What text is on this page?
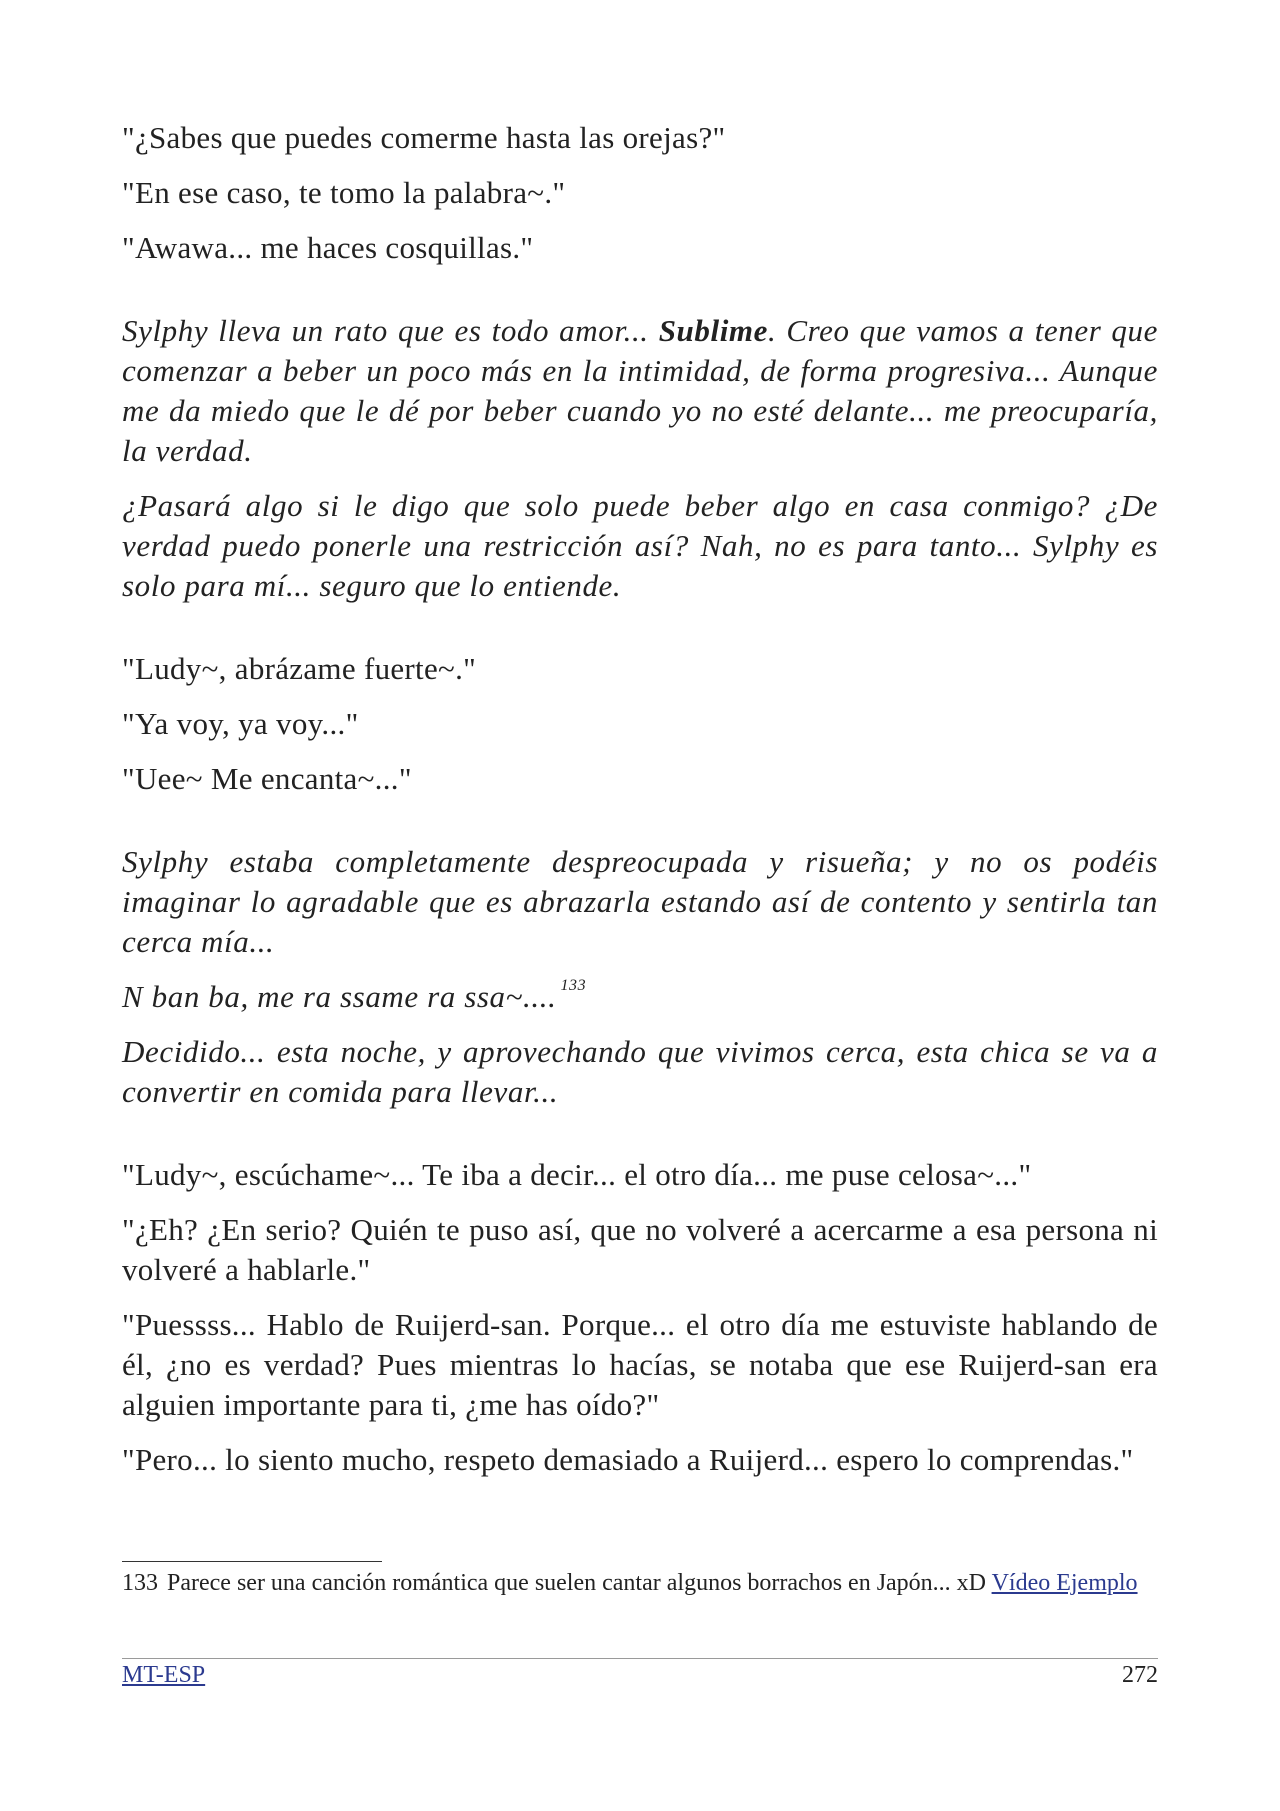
"¿Sabes que puedes comerme hasta las orejas?"

"En ese caso, te tomo la palabra~."

"Awawa... me haces cosquillas."

Sylphy lleva un rato que es todo amor... Sublime. Creo que vamos a tener que comenzar a beber un poco más en la intimidad, de forma progresiva... Aunque me da miedo que le dé por beber cuando yo no esté delante... me preocuparía, la verdad.

¿Pasará algo si le digo que solo puede beber algo en casa conmigo? ¿De verdad puedo ponerle una restricción así? Nah, no es para tanto... Sylphy es solo para mí... seguro que lo entiende.

"Ludy~, abrázame fuerte~."

"Ya voy, ya voy..."

"Uee~ Me encanta~..."

Sylphy estaba completamente despreocupada y risueña; y no os podéis imaginar lo agradable que es abrazarla estando así de contento y sentirla tan cerca mía...

N ban ba, me ra ssame ra ssa~.... $^{133}$

Decidido... esta noche, y aprovechando que vivimos cerca, esta chica se va a convertir en comida para llevar...

"Ludy~, escúchame~... Te iba a decir... el otro día... me puse celosa~..."

"¿Eh? ¿En serio? Quién te puso así, que no volveré a acercarme a esa persona ni volveré a hablarle."

"Puessss... Hablo de Ruijerd-san. Porque... el otro día me estuviste hablando de él, ¿no es verdad? Pues mientras lo hacías, se notaba que ese Ruijerd-san era alguien importante para ti, ¿me has oído?"

"Pero... lo siento mucho, respeto demasiado a Ruijerd... espero lo comprendas."

133 Parece ser una canción romántica que suelen cantar algunos borrachos en Japón... xD Vídeo Ejemplo
MT-ESP	272
